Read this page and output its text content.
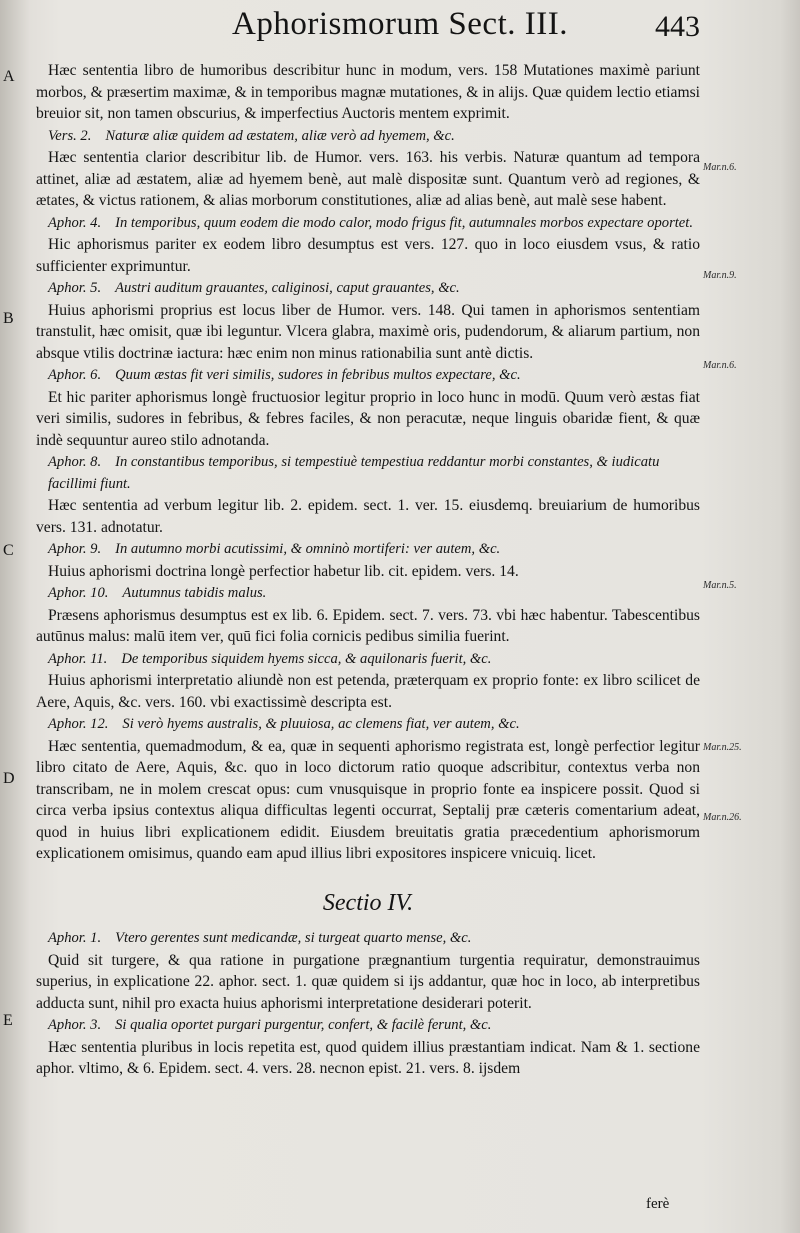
Aphorismorum Sect. III.	443
A
B
C
D
E
Mar.n.6.
Mar.n.9.
Mar.n.6.
Mar.n.5.
Mar.n.25.
Mar.n.26.

Hæc sententia libro de humoribus describitur hunc in modum, vers. 158 Mutationes maximè pariunt morbos, & præsertim maximæ, & in temporibus magnæ mutationes, & in alijs. Quæ quidem lectio etiamsi breuior sit, non tamen obscurius, & imperfectius Auctoris mentem exprimit.

Vers. 2. Naturæ aliæ quidem ad æstatem, aliæ verò ad hyemem, &c.

Hæc sententia clarior describitur lib. de Humor. vers. 163. his verbis. Naturæ quantum ad tempora attinet, aliæ ad æstatem, aliæ ad hyemem benè, aut malè dispositæ sunt. Quantum verò ad regiones, & ætates, & victus rationem, & alias morborum constitutiones, aliæ ad alias benè, aut malè sese habent.

Aphor. 4. In temporibus, quum eodem die modo calor, modo frigus fit, autumnales morbos expectare oportet.

Hic aphorismus pariter ex eodem libro desumptus est vers. 127. quo in loco eiusdem vsus, & ratio sufficienter exprimuntur.

Aphor. 5. Austri auditum grauantes, caliginosi, caput grauantes, &c.

Huius aphorismi proprius est locus liber de Humor. vers. 148. Qui tamen in aphorismos sententiam transtulit, hæc omisit, quæ ibi leguntur. Vlcera glabra, maximè oris, pudendorum, & aliarum partium, non absque vtilis doctrinæ iactura: hæc enim non minus rationabilia sunt antè dictis.

Aphor. 6. Quum æstas fit veri similis, sudores in febribus multos expectare, &c.

Et hic pariter aphorismus longè fructuosior legitur proprio in loco hunc in modū. Quum verò æstas fiat veri similis, sudores in febribus, & febres faciles, & non peracutæ, neque linguis obaridæ fient, & quæ indè sequuntur aureo stilo adnotanda.

Aphor. 8. In constantibus temporibus, si tempestiuè tempestiua reddantur morbi constantes, & iudicatu facillimi fiunt.

Hæc sententia ad verbum legitur lib. 2. epidem. sect. 1. ver. 15. eiusdemq. breuiarium de humoribus vers. 131. adnotatur.

Aphor. 9. In autumno morbi acutissimi, & omninò mortiferi: ver autem, &c.

Huius aphorismi doctrina longè perfectior habetur lib. cit. epidem. vers. 14.

Aphor. 10. Autumnus tabidis malus.

Præsens aphorismus desumptus est ex lib. 6. Epidem. sect. 7. vers. 73. vbi hæc habentur. Tabescentibus autūnus malus: malū item ver, quū fici folia cornicis pedibus similia fuerint.

Aphor. 11. De temporibus siquidem hyems sicca, & aquilonaris fuerit, &c.

Huius aphorismi interpretatio aliundè non est petenda, præterquam ex proprio fonte: ex libro scilicet de Aere, Aquis, &c. vers. 160. vbi exactissimè descripta est.

Aphor. 12. Si verò hyems australis, & pluuiosa, ac clemens fiat, ver autem, &c.

Hæc sententia, quemadmodum, & ea, quæ in sequenti aphorismo registrata est, longè perfectior legitur libro citato de Aere, Aquis, &c. quo in loco dictorum ratio quoque adscribitur, contextus verba non transcribam, ne in molem crescat opus: cum vnusquisque in proprio fonte ea inspicere possit. Quod si circa verba ipsius contextus aliqua difficultas legenti occurrat, Septalij præ cæteris comentarium adeat, quod in huius libri explicationem edidit. Eiusdem breuitatis gratia præcedentium aphorismorum explicationem omisimus, quando eam apud illius libri expositores inspicere vnicuiq. licet.

Sectio IV.
Aphor. 1. Vtero gerentes sunt medicandæ, si turgeat quarto mense, &c.

Quid sit turgere, & qua ratione in purgatione prægnantium turgentia requiratur, demonstrauimus superius, in explicatione 22. aphor. sect. 1. quæ quidem si ijs addantur, quæ hoc in loco, ab interpretibus adducta sunt, nihil pro exacta huius aphorismi interpretatione desiderari poterit.

Aphor. 3. Si qualia oportet purgari purgentur, confert, & facilè ferunt, &c.

Hæc sententia pluribus in locis repetita est, quod quidem illius præstantiam indicat. Nam & 1. sectione aphor. vltimo, & 6. Epidem. sect. 4. vers. 28. necnon epist. 21. vers. 8. ijsdem

ferè
